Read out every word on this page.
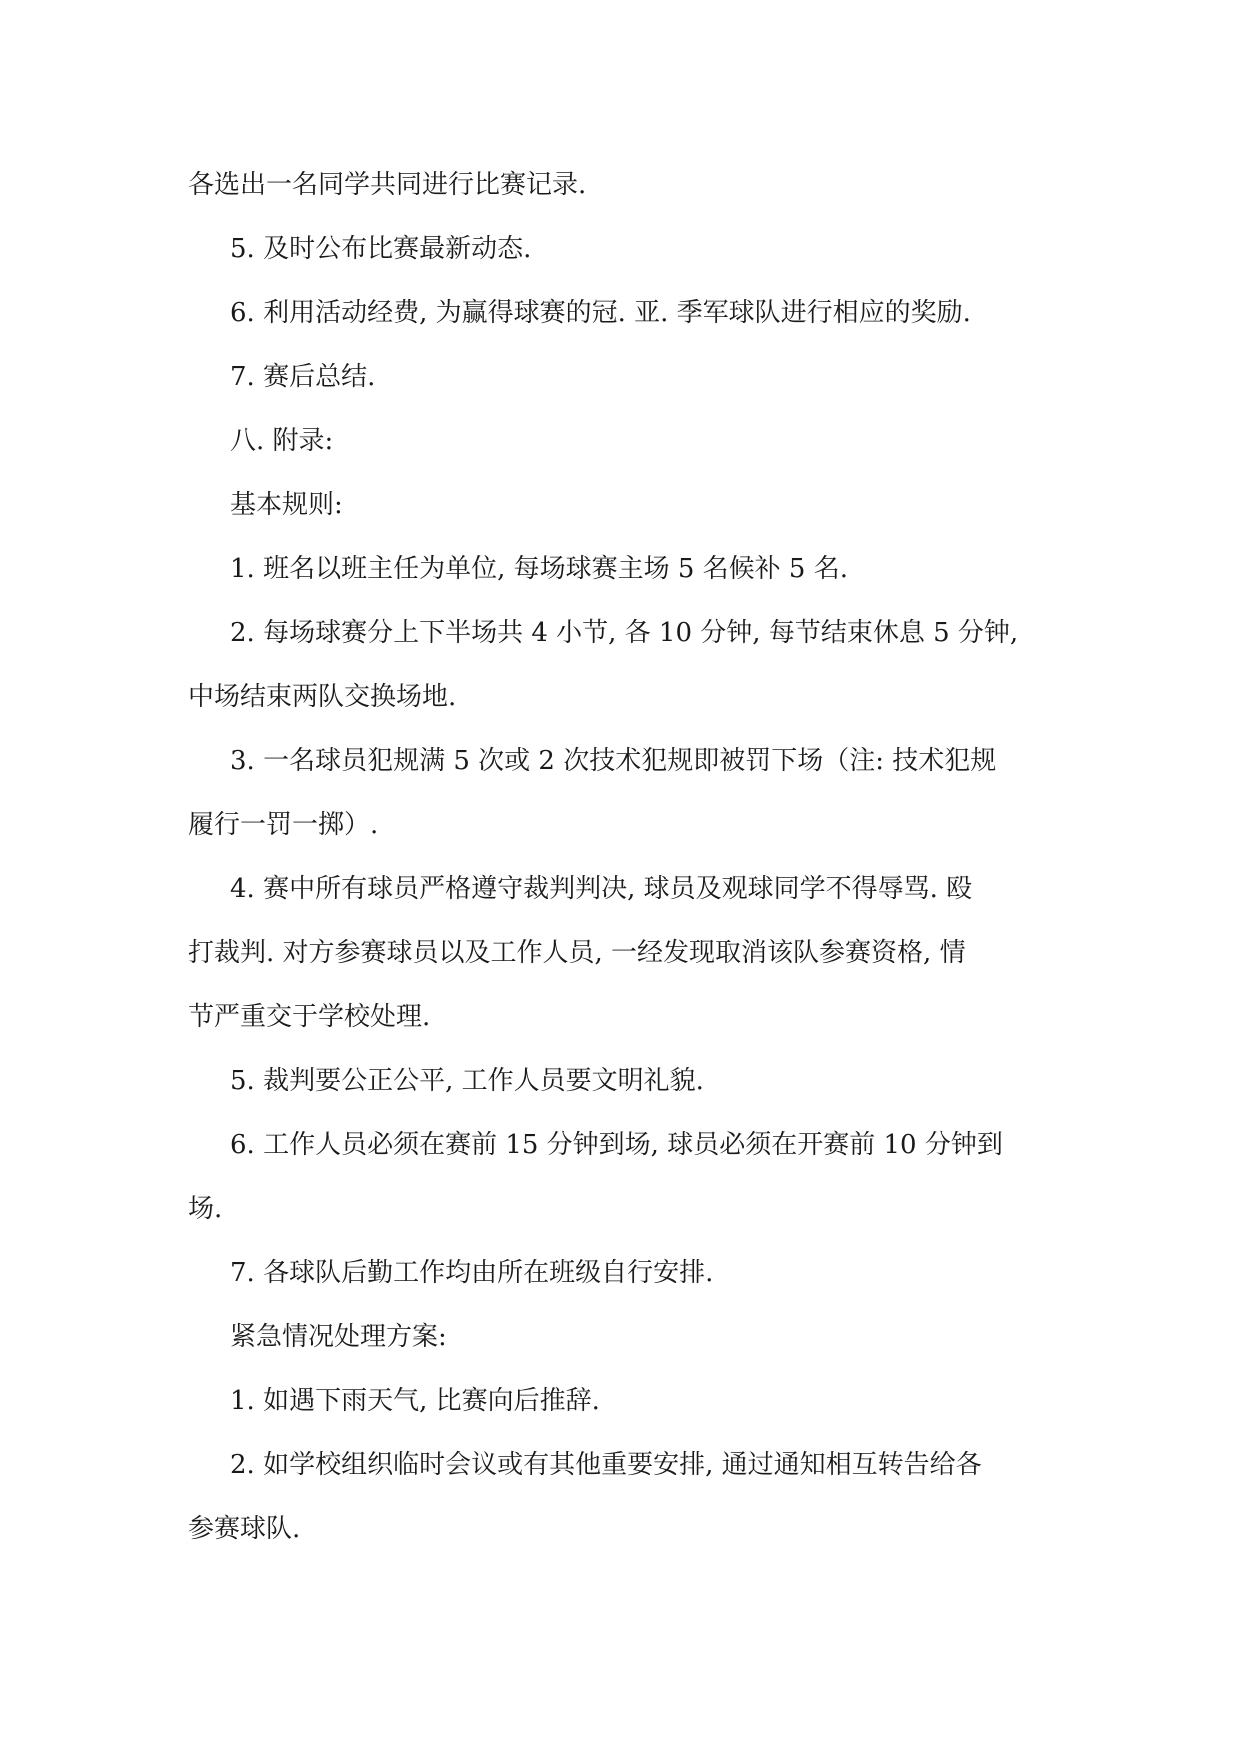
各选出一名同学共同进行比赛记录.

5. 及时公布比赛最新动态.

6. 利用活动经费, 为赢得球赛的冠. 亚. 季军球队进行相应的奖励.

7. 赛后总结.

八. 附录:

基本规则:

1. 班名以班主任为单位, 每场球赛主场 5 名候补 5 名.

2. 每场球赛分上下半场共 4 小节, 各 10 分钟, 每节结束休息 5 分钟,

中场结束两队交换场地.

3. 一名球员犯规满 5 次或 2 次技术犯规即被罚下场（注: 技术犯规

履行一罚一掷）.

4. 赛中所有球员严格遵守裁判判决, 球员及观球同学不得辱骂. 殴

打裁判. 对方参赛球员以及工作人员, 一经发现取消该队参赛资格, 情

节严重交于学校处理.

5. 裁判要公正公平, 工作人员要文明礼貌.

6. 工作人员必须在赛前 15 分钟到场, 球员必须在开赛前 10 分钟到

场.

7. 各球队后勤工作均由所在班级自行安排.

紧急情况处理方案:

1. 如遇下雨天气, 比赛向后推辞.

2. 如学校组织临时会议或有其他重要安排, 通过通知相互转告给各

参赛球队.
